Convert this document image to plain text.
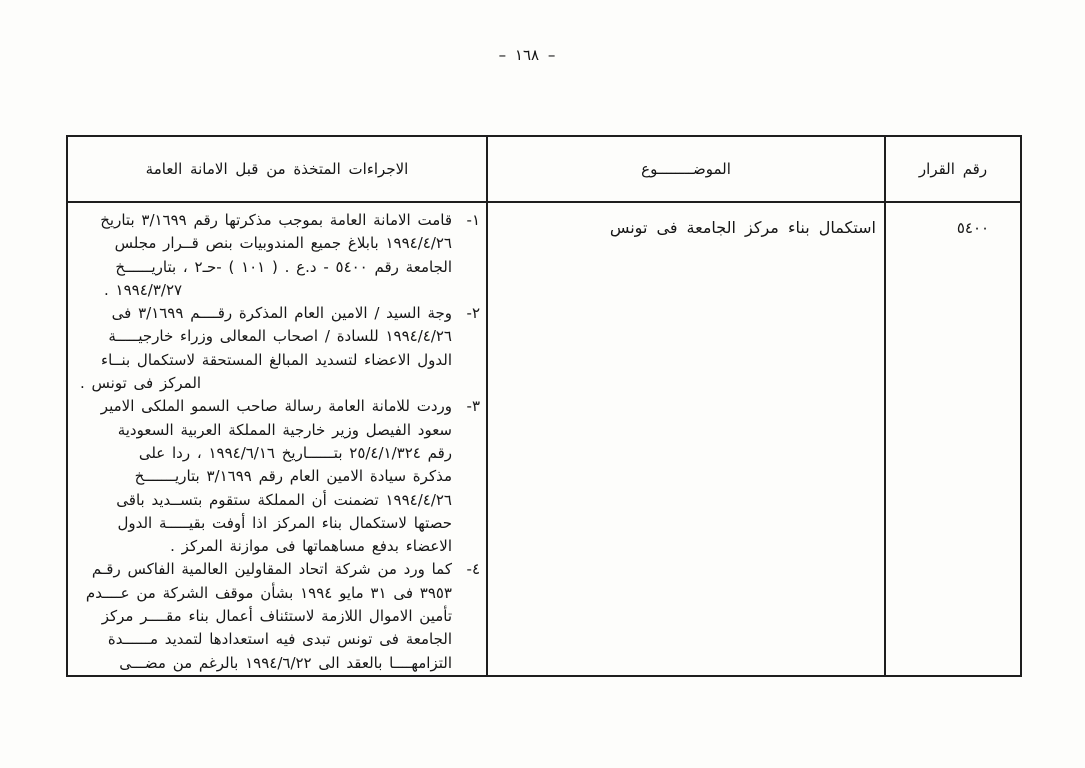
– ١٦٨ –
رقم القرار
الموضــــــــوع
الاجراءات المتخذة من قبل الامانة العامة
٥٤٠٠
استكمال بناء مركز الجامعة فى تونس
١-
قامت الامانة العامة بموجب مذكرتها رقم ٣/١٦٩٩ بتاريخ
١٩٩٤/٤/٢٦ بابلاغ جميع المندوبيات بنص قــرار مجلس
الجامعة رقم ٥٤٠٠ - د.ع . ( ١٠١ ) -حـ٢ ، بتاريــــــخ
١٩٩٤/٣/٢٧ .
٢-
وجة السيد / الامين العام المذكرة رقــــم ٣/١٦٩٩ فى
١٩٩٤/٤/٢٦ للسادة / اصحاب المعالى وزراء خارجيـــــة
الدول الاعضاء لتسديد المبالغ المستحقة لاستكمال بنــاء
المركز فى تونس .
٣-
وردت للامانة العامة رسالة صاحب السمو الملكى الامير
سعود الفيصل وزير خارجية المملكة العربية السعودية
رقم ٢٥/٤/١/٣٢٤ بتــــــاريخ ١٩٩٤/٦/١٦ ، ردا على
مذكرة سيادة الامين العام رقم ٣/١٦٩٩ بتاريـــــــخ
١٩٩٤/٤/٢٦ تضمنت أن المملكة ستقوم بتســديد باقى
حصتها لاستكمال بناء المركز اذا أوفت بقيـــــة الدول
الاعضاء بدفع مساهماتها فى موازنة المركز .
٤-
كما ورد من شركة اتحاد المقاولين العالمية الفاكس رقـم
٣٩٥٣ فى ٣١ مايو ١٩٩٤ بشأن موقف الشركة من عــــدم
تأمين الاموال اللازمة لاستئناف أعمال بناء مقــــر مركز
الجامعة فى تونس تبدى فيه استعدادها لتمديد مــــــدة
التزامهــــا بالعقد الى ١٩٩٤/٦/٢٢ بالرغم من مضـــى
